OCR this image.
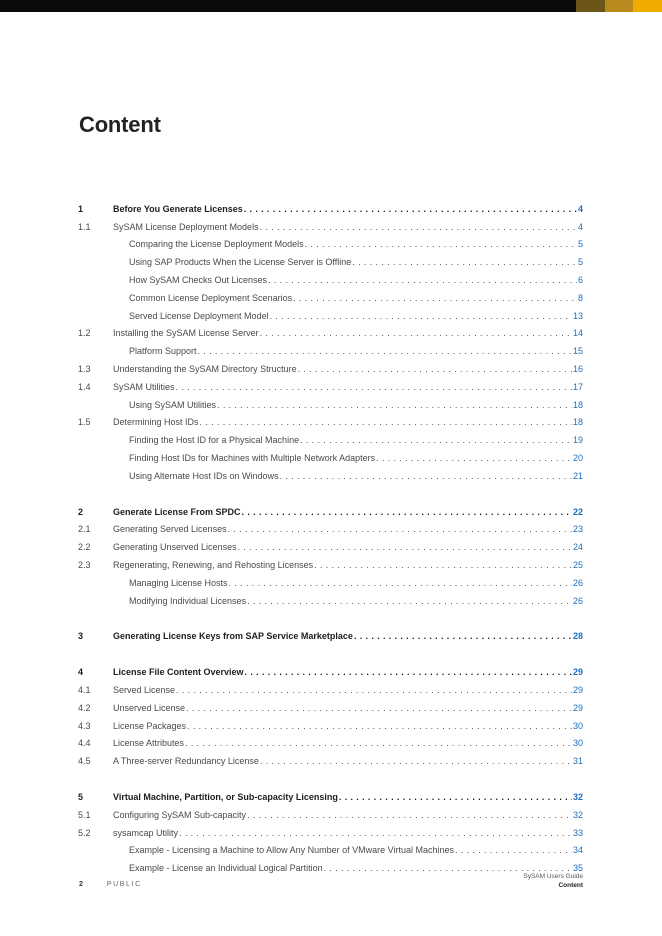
Content
1	Before You Generate Licenses . . .	4
1.1 SySAM License Deployment Models . . .	4
Comparing the License Deployment Models . . .	5
Using SAP Products When the License Server is Offline . . .	5
How SySAM Checks Out Licenses . . .	6
Common License Deployment Scenarios . . .	8
Served License Deployment Model . . .	13
1.2 Installing the SySAM License Server . . .	14
Platform Support . . .	15
1.3 Understanding the SySAM Directory Structure . . .	16
1.4 SySAM Utilities . . .	17
Using SySAM Utilities . . .	18
1.5 Determining Host IDs . . .	18
Finding the Host ID for a Physical Machine . . .	19
Finding Host IDs for Machines with Multiple Network Adapters . . .	20
Using Alternate Host IDs on Windows . . .	21
2	Generate License From SPDC . . .	22
2.1 Generating Served Licenses . . .	23
2.2 Generating Unserved Licenses . . .	24
2.3 Regenerating, Renewing, and Rehosting Licenses . . .	25
Managing License Hosts . . .	26
Modifying Individual Licenses . . .	26
3	Generating License Keys from SAP Service Marketplace . . .	28
4	License File Content Overview . . .	29
4.1 Served License . . .	29
4.2 Unserved License . . .	29
4.3 License Packages . . .	30
4.4 License Attributes . . .	30
4.5 A Three-server Redundancy License . . .	31
5	Virtual Machine, Partition, or Sub-capacity Licensing . . .	32
5.1 Configuring SySAM Sub-capacity . . .	32
5.2 sysamcap Utility . . .	33
Example - Licensing a Machine to Allow Any Number of VMware Virtual Machines . . .	34
Example - License an Individual Logical Partition . . .	35
2	PUBLIC
SySAM Users Guide
Content
